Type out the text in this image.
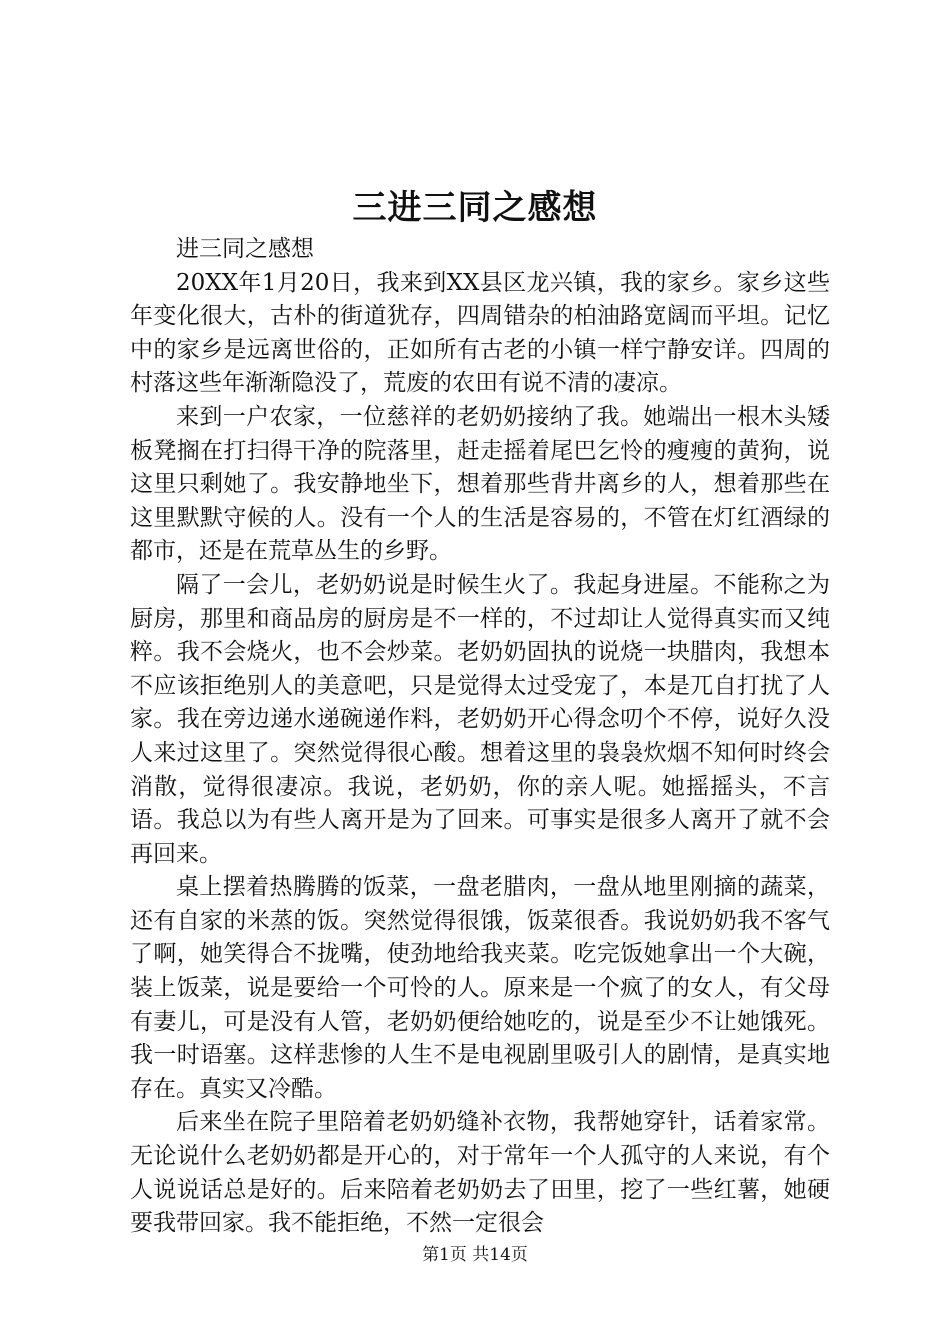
三进三同之感想

进三同之感想

20XX年1月20日，我来到XX县区龙兴镇，我的家乡。家乡这些年变化很大，古朴的街道犹存，四周错杂的柏油路宽阔而平坦。记忆中的家乡是远离世俗的，正如所有古老的小镇一样宁静安详。四周的村落这些年渐渐隐没了，荒废的农田有说不清的凄凉。

来到一户农家，一位慈祥的老奶奶接纳了我。她端出一根木头矮板凳搁在打扫得干净的院落里，赶走摇着尾巴乞怜的瘦瘦的黄狗，说这里只剩她了。我安静地坐下，想着那些背井离乡的人，想着那些在这里默默守候的人。没有一个人的生活是容易的，不管在灯红酒绿的都市，还是在荒草丛生的乡野。

隔了一会儿，老奶奶说是时候生火了。我起身进屋。不能称之为厨房，那里和商品房的厨房是不一样的，不过却让人觉得真实而又纯粹。我不会烧火，也不会炒菜。老奶奶固执的说烧一块腊肉，我想本不应该拒绝别人的美意吧，只是觉得太过受宠了，本是兀自打扰了人家。我在旁边递水递碗递作料，老奶奶开心得念叨个不停，说好久没人来过这里了。突然觉得很心酸。想着这里的袅袅炊烟不知何时终会消散，觉得很凄凉。我说，老奶奶，你的亲人呢。她摇摇头，不言语。我总以为有些人离开是为了回来。可事实是很多人离开了就不会再回来。

桌上摆着热腾腾的饭菜，一盘老腊肉，一盘从地里刚摘的蔬菜，还有自家的米蒸的饭。突然觉得很饿，饭菜很香。我说奶奶我不客气了啊，她笑得合不拢嘴，使劲地给我夹菜。吃完饭她拿出一个大碗，装上饭菜，说是要给一个可怜的人。原来是一个疯了的女人，有父母有妻儿，可是没有人管，老奶奶便给她吃的，说是至少不让她饿死。我一时语塞。这样悲惨的人生不是电视剧里吸引人的剧情，是真实地存在。真实又冷酷。

后来坐在院子里陪着老奶奶缝补衣物，我帮她穿针，话着家常。无论说什么老奶奶都是开心的，对于常年一个人孤守的人来说，有个人说说话总是好的。后来陪着老奶奶去了田里，挖了一些红薯，她硬要我带回家。我不能拒绝，不然一定很会

第1页 共14页
